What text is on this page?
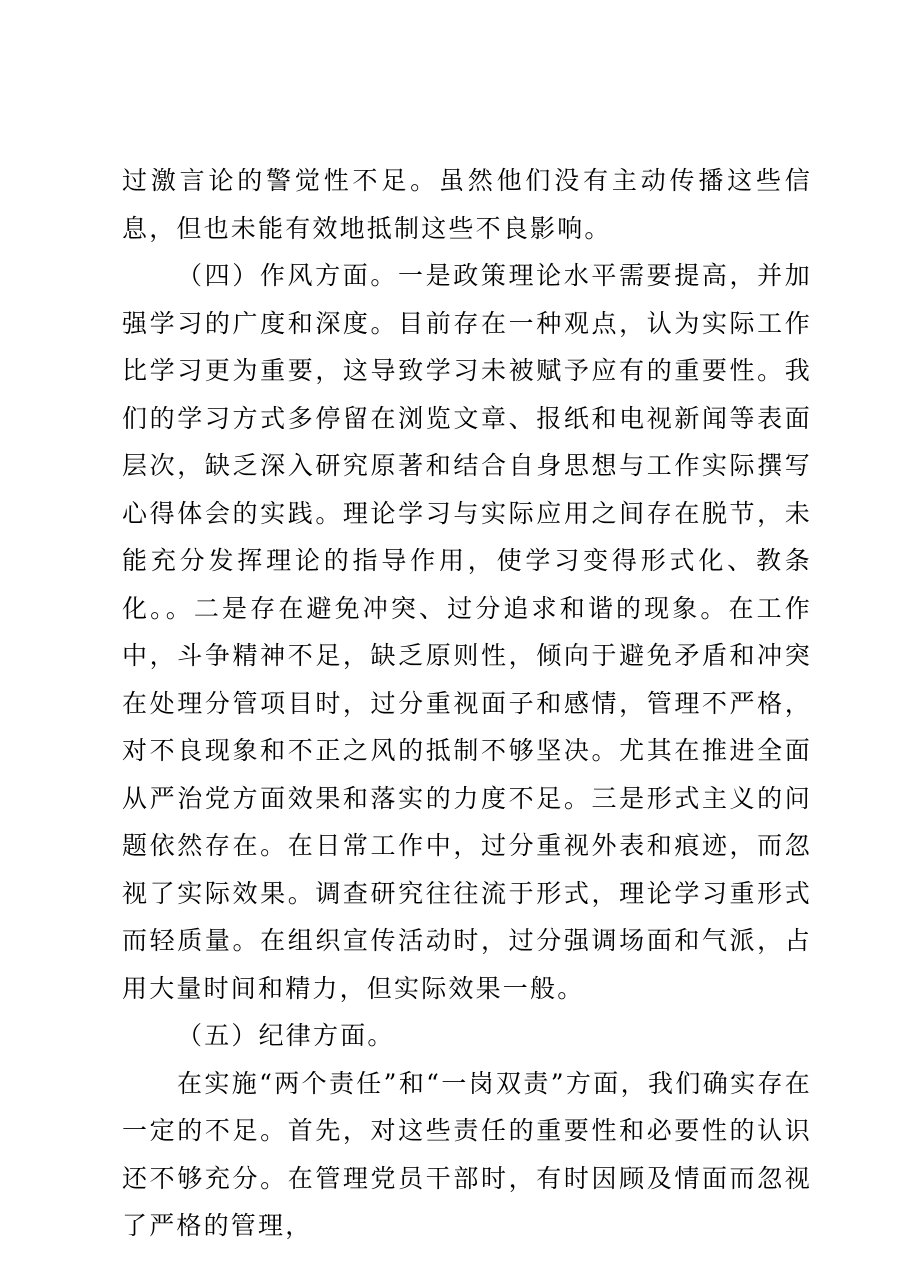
过激言论的警觉性不足。虽然他们没有主动传播这些信息，但也未能有效地抵制这些不良影响。

（四）作风方面。一是政策理论水平需要提高，并加强学习的广度和深度。目前存在一种观点，认为实际工作比学习更为重要，这导致学习未被赋予应有的重要性。我们的学习方式多停留在浏览文章、报纸和电视新闻等表面层次，缺乏深入研究原著和结合自身思想与工作实际撰写心得体会的实践。理论学习与实际应用之间存在脱节，未能充分发挥理论的指导作用，使学习变得形式化、教条化。。二是存在避免冲突、过分追求和谐的现象。在工作中，斗争精神不足，缺乏原则性，倾向于避免矛盾和冲突在处理分管项目时，过分重视面子和感情，管理不严格，对不良现象和不正之风的抵制不够坚决。尤其在推进全面从严治党方面效果和落实的力度不足。三是形式主义的问题依然存在。在日常工作中，过分重视外表和痕迹，而忽视了实际效果。调查研究往往流于形式，理论学习重形式而轻质量。在组织宣传活动时，过分强调场面和气派，占用大量时间和精力，但实际效果一般。

（五）纪律方面。

在实施“两个责任”和“一岗双责”方面，我们确实存在一定的不足。首先，对这些责任的重要性和必要性的认识还不够充分。在管理党员干部时，有时因顾及情面而忽视了严格的管理，
